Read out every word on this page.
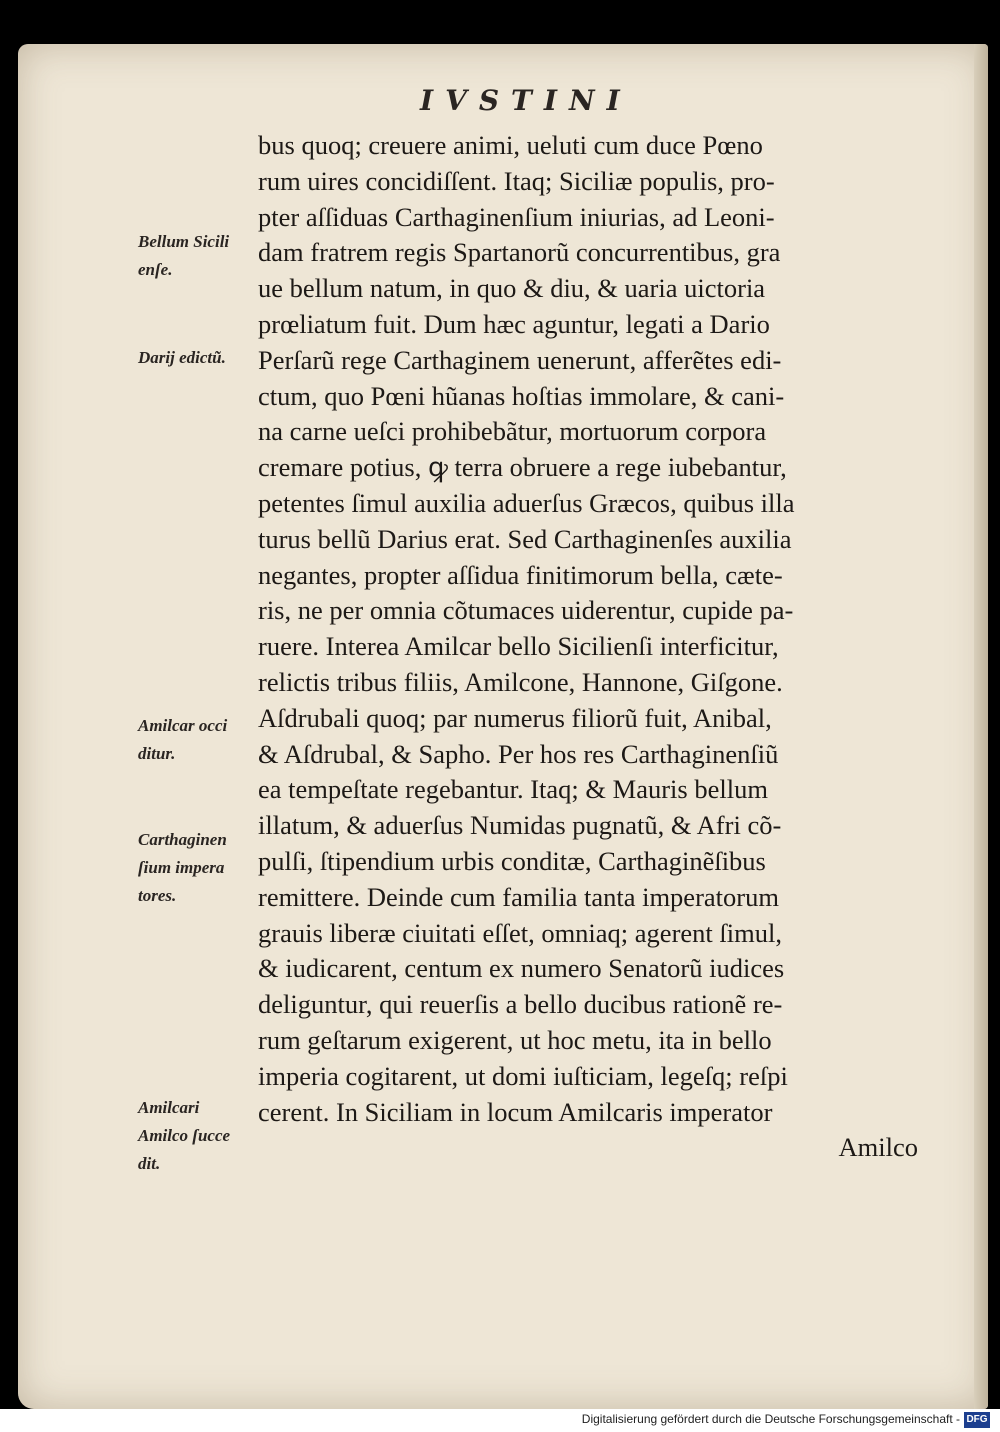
IVSTINI
bus quoq; creuere animi, ueluti cum duce Pœno
rum uires concidiſſent. Itaq; Siciliæ populis, pro‐
pter aſſiduas Carthaginenſium iniurias, ad Leoni‐
dam fratrem regis Spartanorũ concurrentibus, gra
ue bellum natum, in quo & diu, & uaria uictoria
prœliatum fuit. Dum hæc aguntur, legati a Dario
Perſarũ rege Carthaginem uenerunt, afferẽtes edi‐
ctum, quo Pœni hũanas hoſtias immolare, & cani‐
na carne ueſci prohibebãtur, mortuorum corpora
cremare potius, ꝙ terra obruere a rege iubebantur,
petentes ſimul auxilia aduerſus Græcos, quibus illa
turus bellũ Darius erat. Sed Carthaginenſes auxilia
negantes, propter aſſidua finitimorum bella, cæte‐
ris, ne per omnia cõtumaces uiderentur, cupide pa‐
ruere. Interea Amilcar bello Sicilienſi interficitur,
relictis tribus filiis, Amilcone, Hannone, Giſgone.
Aſdrubali quoq; par numerus filiorũ fuit, Anibal,
& Aſdrubal, & Sapho. Per hos res Carthaginenſiũ
ea tempeſtate regebantur. Itaq; & Mauris bellum
illatum, & aduerſus Numidas pugnatũ, & Afri cõ‐
pulſi, ſtipendium urbis conditæ, Carthaginẽſibus
remittere. Deinde cum familia tanta imperatorum
grauis liberæ ciuitati eſſet, omniaq; agerent ſimul,
& iudicarent, centum ex numero Senatorũ iudices
deliguntur, qui reuerſis a bello ducibus rationẽ re‐
rum geſtarum exigerent, ut hoc metu, ita in bello
imperia cogitarent, ut domi iuſticiam, legeſq; reſpi
cerent. In Siciliam in locum Amilcaris imperator
Amilco
Bellum Sicili
enſe.
Darij edictũ.
Amilcar occi
ditur.
Carthaginen
ſium impera
tores.
Amilcari
Amilco ſucce
dit.
Digitalisierung gefördert durch die Deutsche Forschungsgemeinschaft - DFG
